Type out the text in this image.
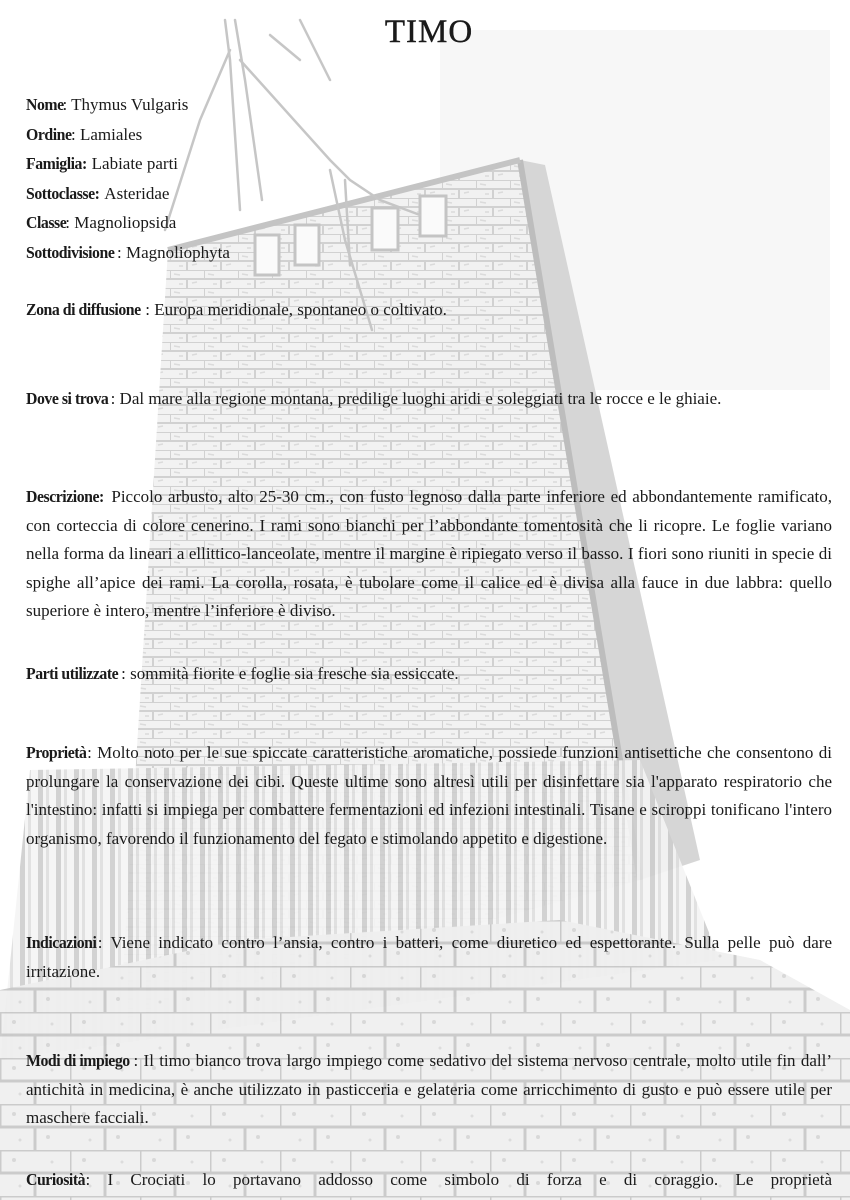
TIMO
Nome: Thymus Vulgaris
Ordine: Lamiales
Famiglia: Labiate parti
Sottoclasse: Asteridae
Classe: Magnoliopsida
Sottodivisione : Magnoliophyta

Zona di diffusione : Europa meridionale, spontaneo o coltivato.

Dove si trova : Dal mare alla regione montana, predilige luoghi aridi e soleggiati tra le rocce e le ghiaie.

Descrizione: Piccolo arbusto, alto 25-30 cm., con fusto legnoso dalla parte inferiore ed abbondantemente ramificato, con corteccia di colore cenerino. I rami sono bianchi per l’abbondante tomentosità che li ricopre. Le foglie variano nella forma da lineari a ellittico-lanceolate, mentre il margine è ripiegato verso il basso. I fiori sono riuniti in specie di spighe all’apice dei rami. La corolla, rosata, è tubolare come il calice ed è divisa alla fauce in due labbra: quello superiore è intero, mentre l’inferiore è diviso.

Parti utilizzate : sommità fiorite e foglie sia fresche sia essiccate.

Proprietà: Molto noto per le sue spiccate caratteristiche aromatiche, possiede funzioni antisettiche che consentono di prolungare la conservazione dei cibi. Queste ultime sono altresì utili per disinfettare sia l'apparato respiratorio che l'intestino: infatti si impiega per combattere fermentazioni ed infezioni intestinali. Tisane e sciroppi tonificano l'intero organismo, favorendo il funzionamento del fegato e stimolando appetito e digestione.

Indicazioni: Viene indicato contro l’ansia, contro i batteri, come diuretico ed espettorante. Sulla pelle può dare irritazione.

Modi di impiego : Il timo bianco trova largo impiego come sedativo del sistema nervoso centrale, molto utile fin dall’ antichità in medicina, è anche utilizzato in pasticceria e gelateria come arricchimento di gusto e può essere utile per maschere facciali.

Curiosità: I Crociati lo portavano addosso come simbolo di forza e di coraggio. Le proprietà
